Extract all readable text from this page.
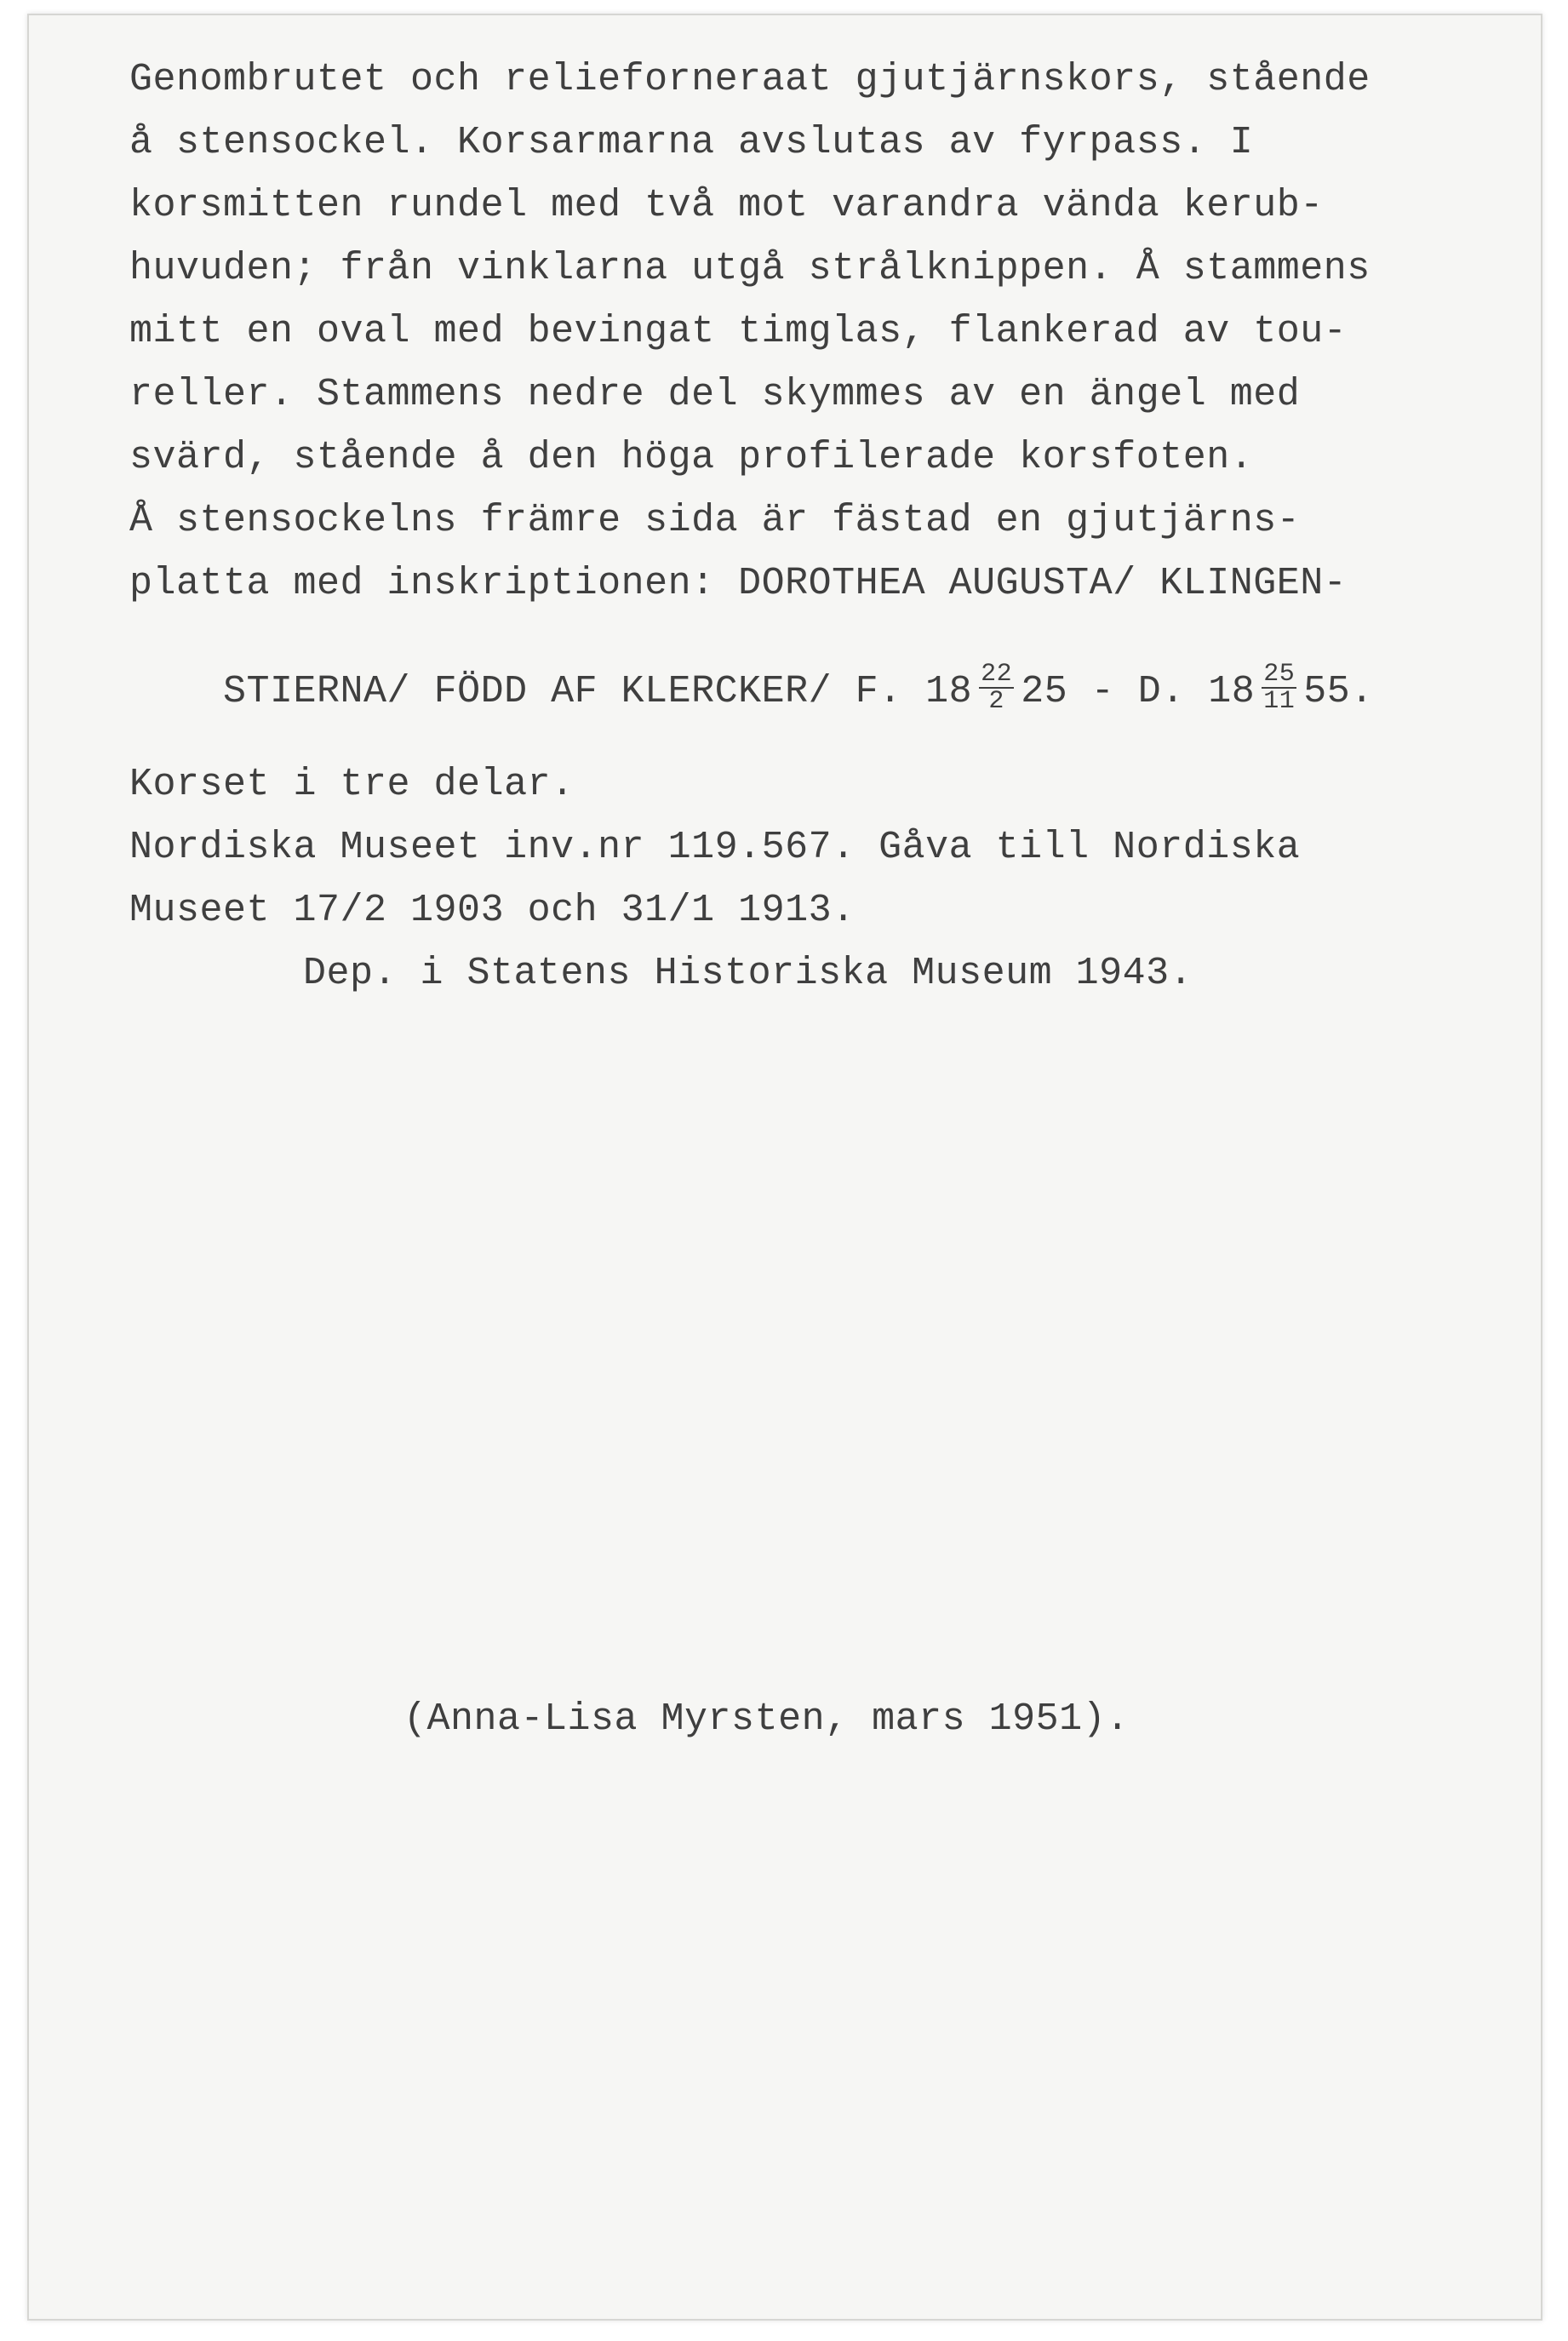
Genombrutet och relieforneraat gjutjärnskors, stående
å stensockel. Korsarmarna avslutas av fyrpass. I
korsmitten rundel med två mot varandra vända kerub-
huvuden; från vinklarna utgå strålknippen. Å stammens
mitt en oval med bevingat timglas, flankerad av tou-
reller. Stammens nedre del skymmes av en ängel med
svärd, stående å den höga profilerade korsfoten.
Å stensockelns främre sida är fästad en gjutjärns-
platta med inskriptionen: DOROTHEA AUGUSTA/ KLINGEN-

STIERNA/ FÖDD AF KLERCKER/ F. $18 \frac{22}{2} 25$ - D. $18 \frac{25}{11} 55$.

Korset i tre delar.
Nordiska Museet inv.nr 119.567. Gåva till Nordiska
Museet 17/2 1903 och 31/1 1913.
Dep. i Statens Historiska Museum 1943.
(Anna-Lisa Myrsten, mars 1951).
